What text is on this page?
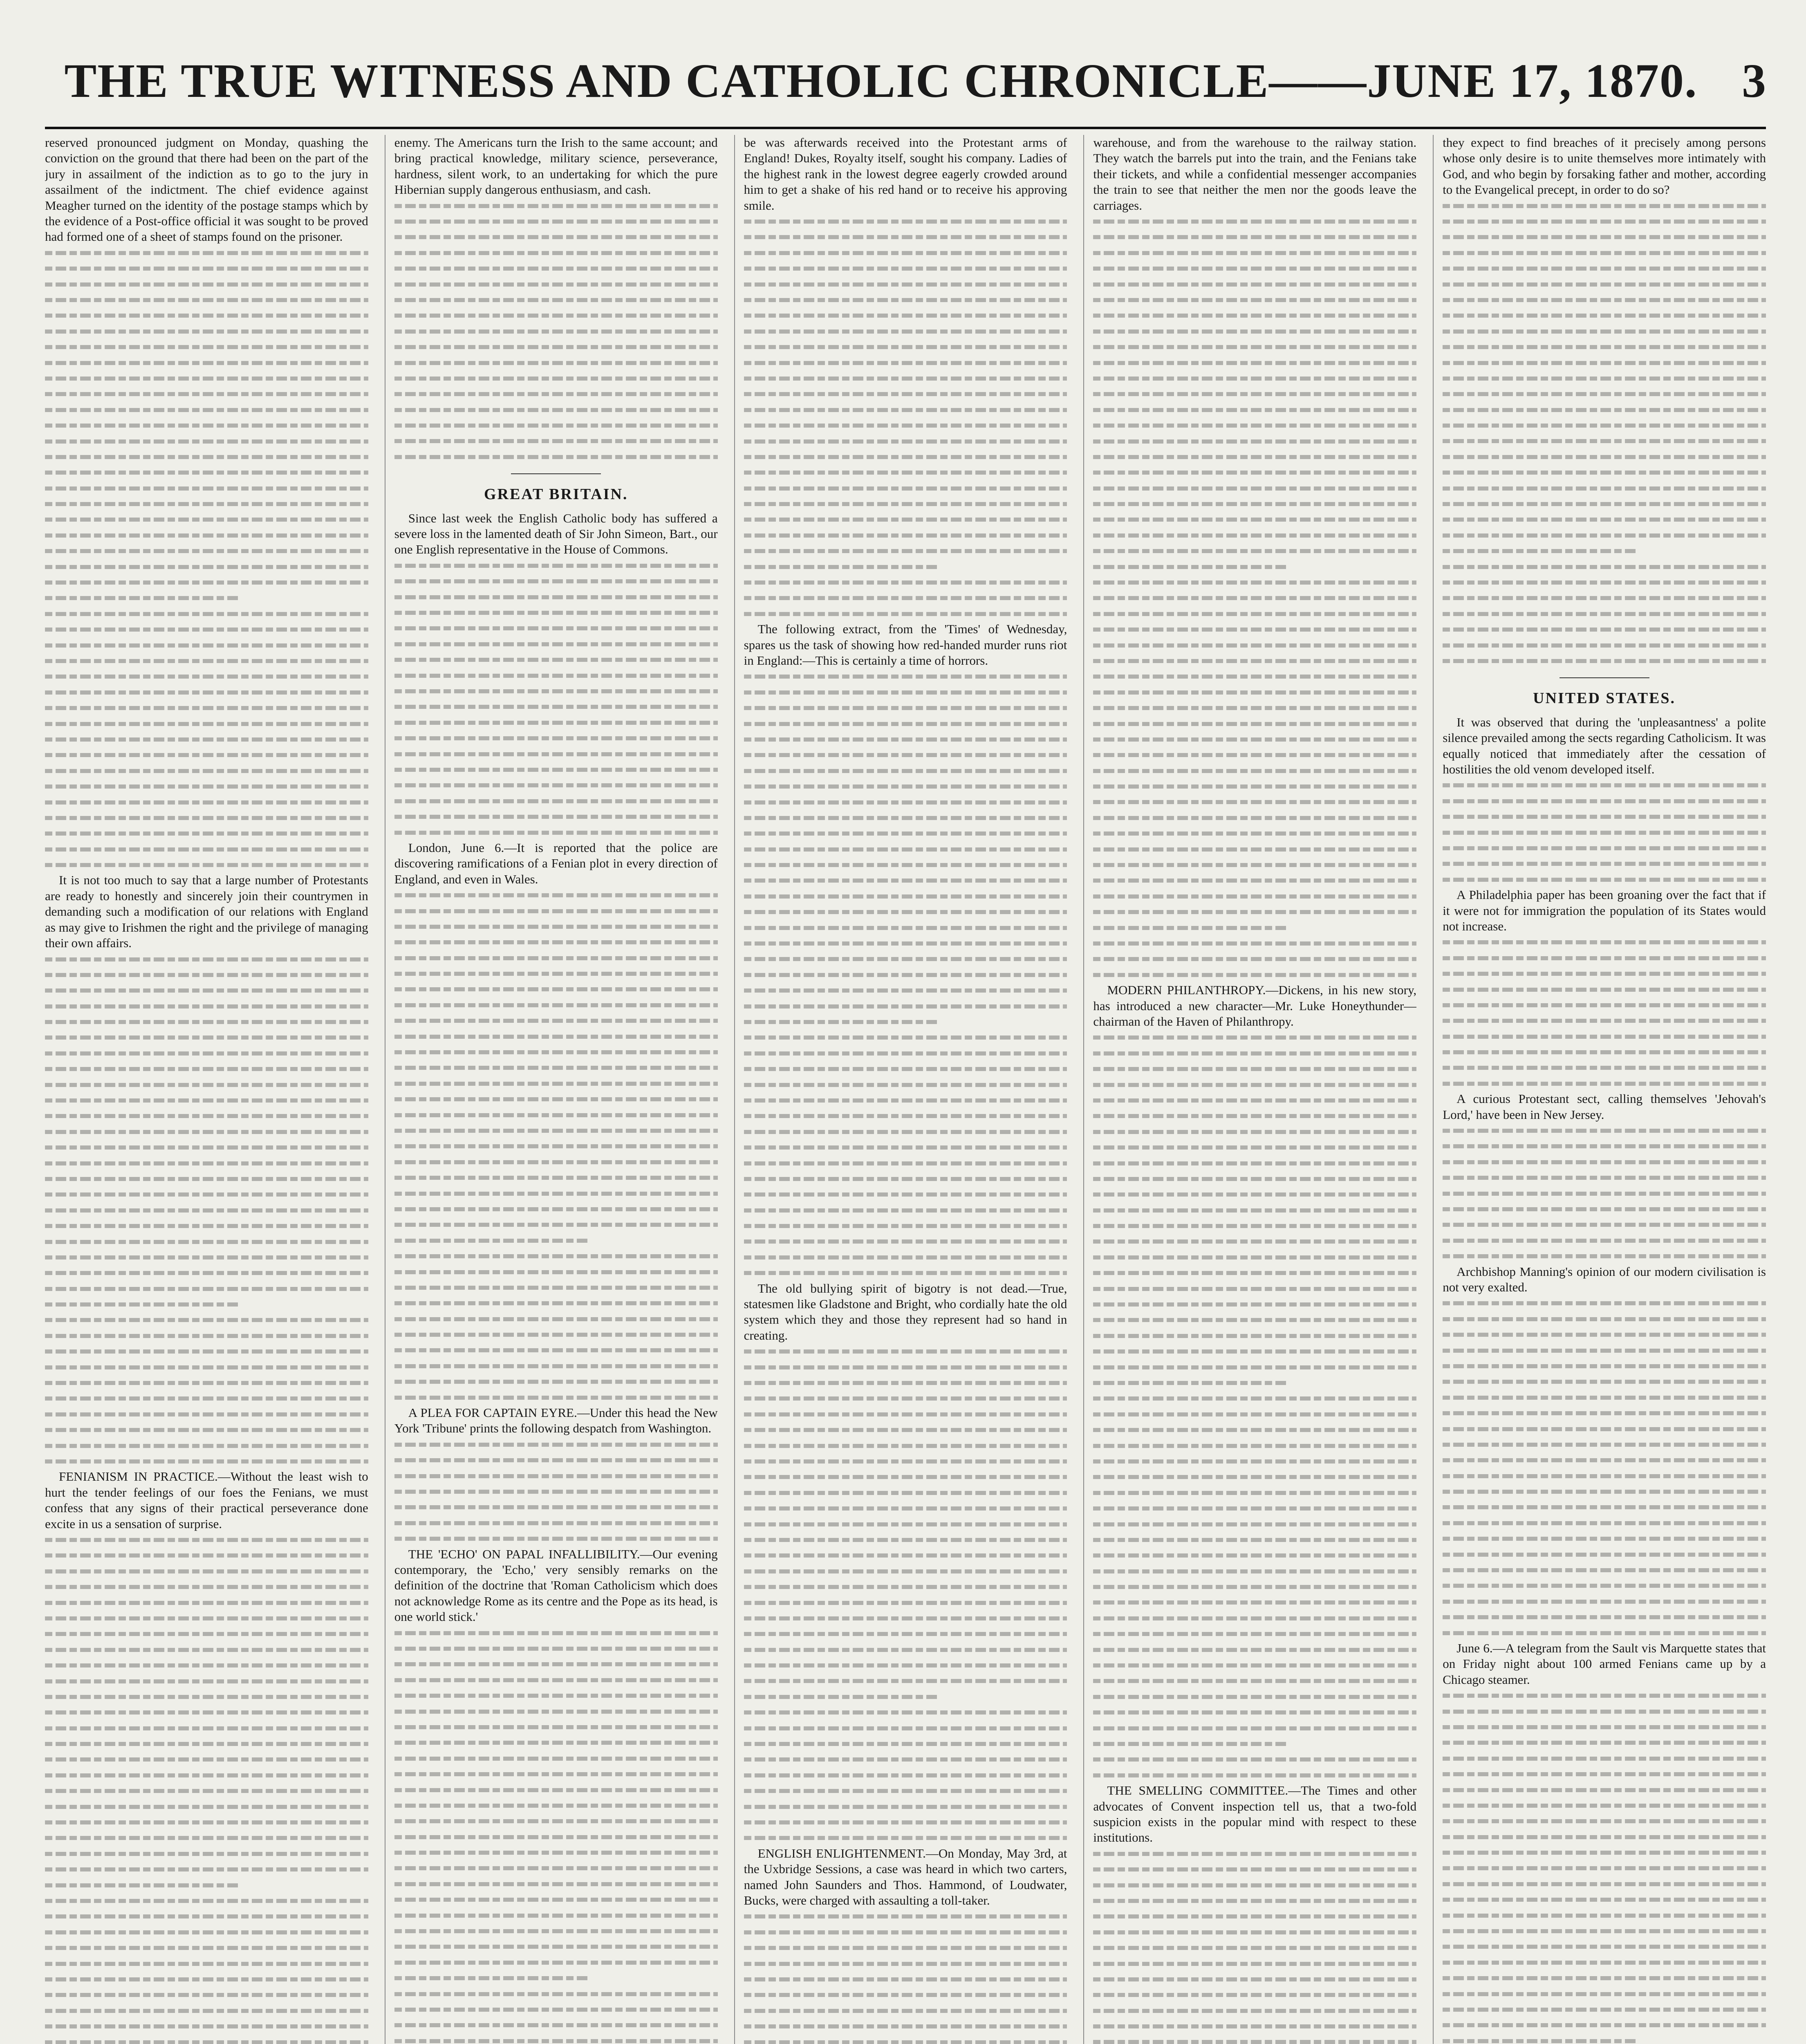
THE TRUE WITNESS AND CATHOLIC CHRONICLE——JUNE 17, 1870. 3

reserved pronounced judgment on Monday, quashing the conviction on the ground that there had been on the part of the jury in assailment of the indiction as to go to the jury in assailment of the indictment. The chief evidence against Meagher turned on the identity of the postage stamps which by the evidence of a Post-office official it was sought to be proved had formed one of a sheet of stamps found on the prisoner.

It is not too much to say that a large number of Protestants are ready to honestly and sincerely join their countrymen in demanding such a modification of our relations with England as may give to Irishmen the right and the privilege of managing their own affairs.

FENIANISM IN PRACTICE.—Without the least wish to hurt the tender feelings of our foes the Fenians, we must confess that any signs of their practical perseverance done excite in us a sensation of surprise.

enemy. The Americans turn the Irish to the same account; and bring practical knowledge, military science, perseverance, hardness, silent work, to an undertaking for which the pure Hibernian supply dangerous enthusiasm, and cash.

GREAT BRITAIN.

Since last week the English Catholic body has suffered a severe loss in the lamented death of Sir John Simeon, Bart., our one English representative in the House of Commons.

London, June 6.—It is reported that the police are discovering ramifications of a Fenian plot in every direction of England, and even in Wales.

A PLEA FOR CAPTAIN EYRE.—Under this head the New York 'Tribune' prints the following despatch from Washington.

THE 'ECHO' ON PAPAL INFALLIBILITY.—Our evening contemporary, the 'Echo,' very sensibly remarks on the definition of the doctrine that 'Roman Catholicism which does not acknowledge Rome as its centre and the Pope as its head, is one world stick.'

be was afterwards received into the Protestant arms of England! Dukes, Royalty itself, sought his company. Ladies of the highest rank in the lowest degree eagerly crowded around him to get a shake of his red hand or to receive his approving smile.

The following extract, from the 'Times' of Wednesday, spares us the task of showing how red-handed murder runs riot in England:—This is certainly a time of horrors.

The old bullying spirit of bigotry is not dead.—True, statesmen like Gladstone and Bright, who cordially hate the old system which they and those they represent had so hand in creating.

ENGLISH ENLIGHTENMENT.—On Monday, May 3rd, at the Uxbridge Sessions, a case was heard in which two carters, named John Saunders and Thos. Hammond, of Loudwater, Bucks, were charged with assaulting a toll-taker.

warehouse, and from the warehouse to the railway station. They watch the barrels put into the train, and the Fenians take their tickets, and while a confidential messenger accompanies the train to see that neither the men nor the goods leave the carriages.

MODERN PHILANTHROPY.—Dickens, in his new story, has introduced a new character—Mr. Luke Honeythunder—chairman of the Haven of Philanthropy.

THE SMELLING COMMITTEE.—The Times and other advocates of Convent inspection tell us, that a two-fold suspicion exists in the popular mind with respect to these institutions.

they expect to find breaches of it precisely among persons whose only desire is to unite themselves more intimately with God, and who begin by forsaking father and mother, according to the Evangelical precept, in order to do so?

UNITED STATES.

It was observed that during the 'unpleasantness' a polite silence prevailed among the sects regarding Catholicism. It was equally noticed that immediately after the cessation of hostilities the old venom developed itself.

A Philadelphia paper has been groaning over the fact that if it were not for immigration the population of its States would not increase.

A curious Protestant sect, calling themselves 'Jehovah's Lord,' have been in New Jersey.

Archbishop Manning's opinion of our modern civilisation is not very exalted.

June 6.—A telegram from the Sault vis Marquette states that on Friday night about 100 armed Fenians came up by a Chicago steamer.
